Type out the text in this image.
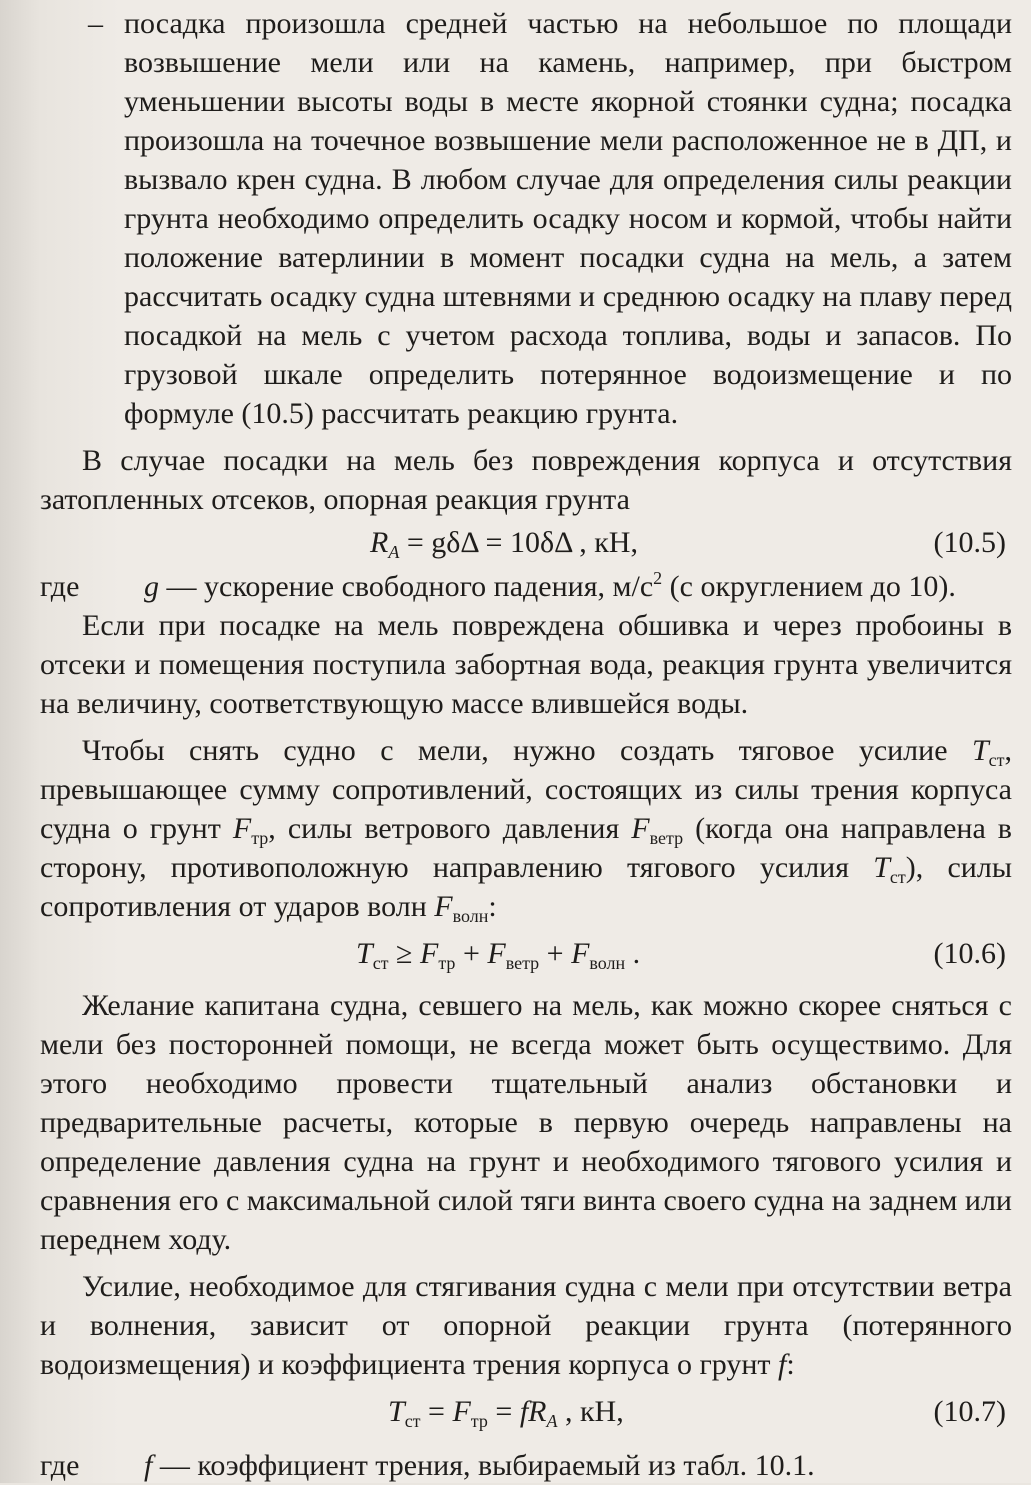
– посадка произошла средней частью на небольшое по площади возвышение мели или на камень, например, при быстром уменьшении высоты воды в месте якорной стоянки судна; посадка произошла на точечное возвышение мели расположенное не в ДП, и вызвало крен судна. В любом случае для определения силы реакции грунта необходимо определить осадку носом и кормой, чтобы найти положение ватерлинии в момент посадки судна на мель, а затем рассчитать осадку судна штевнями и среднюю осадку на плаву перед посадкой на мель с учетом расхода топлива, воды и запасов. По грузовой шкале определить потерянное водоизмещение и по формуле (10.5) рассчитать реакцию грунта.

В случае посадки на мель без повреждения корпуса и отсутствия затопленных отсеков, опорная реакция грунта

$R_A = g\delta\Delta = 10\delta\Delta$ , кН,	(10.5)
где g — ускорение свободного падения, $м/с^2$ (с округлением до 10).

Если при посадке на мель повреждена обшивка и через пробоины в отсеки и помещения поступила забортная вода, реакция грунта увеличится на величину, соответствующую массе влившейся воды.

Чтобы снять судно с мели, нужно создать тяговое усилие $T_{ст}$, превышающее сумму сопротивлений, состоящих из силы трения корпуса судна о грунт $F_{тр}$, силы ветрового давления $F_{ветр}$ (когда она направлена в сторону, противоположную направлению тягового усилия $T_{ст}$), силы сопротивления от ударов волн $F_{волн}$:

$T_{ст} \ge F_{тр} + F_{ветр} + F_{волн}$ .	(10.6)

Желание капитана судна, севшего на мель, как можно скорее сняться с мели без посторонней помощи, не всегда может быть осуществимо. Для этого необходимо провести тщательный анализ обстановки и предварительные расчеты, которые в первую очередь направлены на определение давления судна на грунт и необходимого тягового усилия и сравнения его с максимальной силой тяги винта своего судна на заднем или переднем ходу.

Усилие, необходимое для стягивания судна с мели при отсутствии ветра и волнения, зависит от опорной реакции грунта (потерянного водоизмещения) и коэффициента трения корпуса о грунт f:

$T_{ст} = F_{тр} = fR_A$ , кН,	(10.7)
где f — коэффициент трения, выбираемый из табл. 10.1.
